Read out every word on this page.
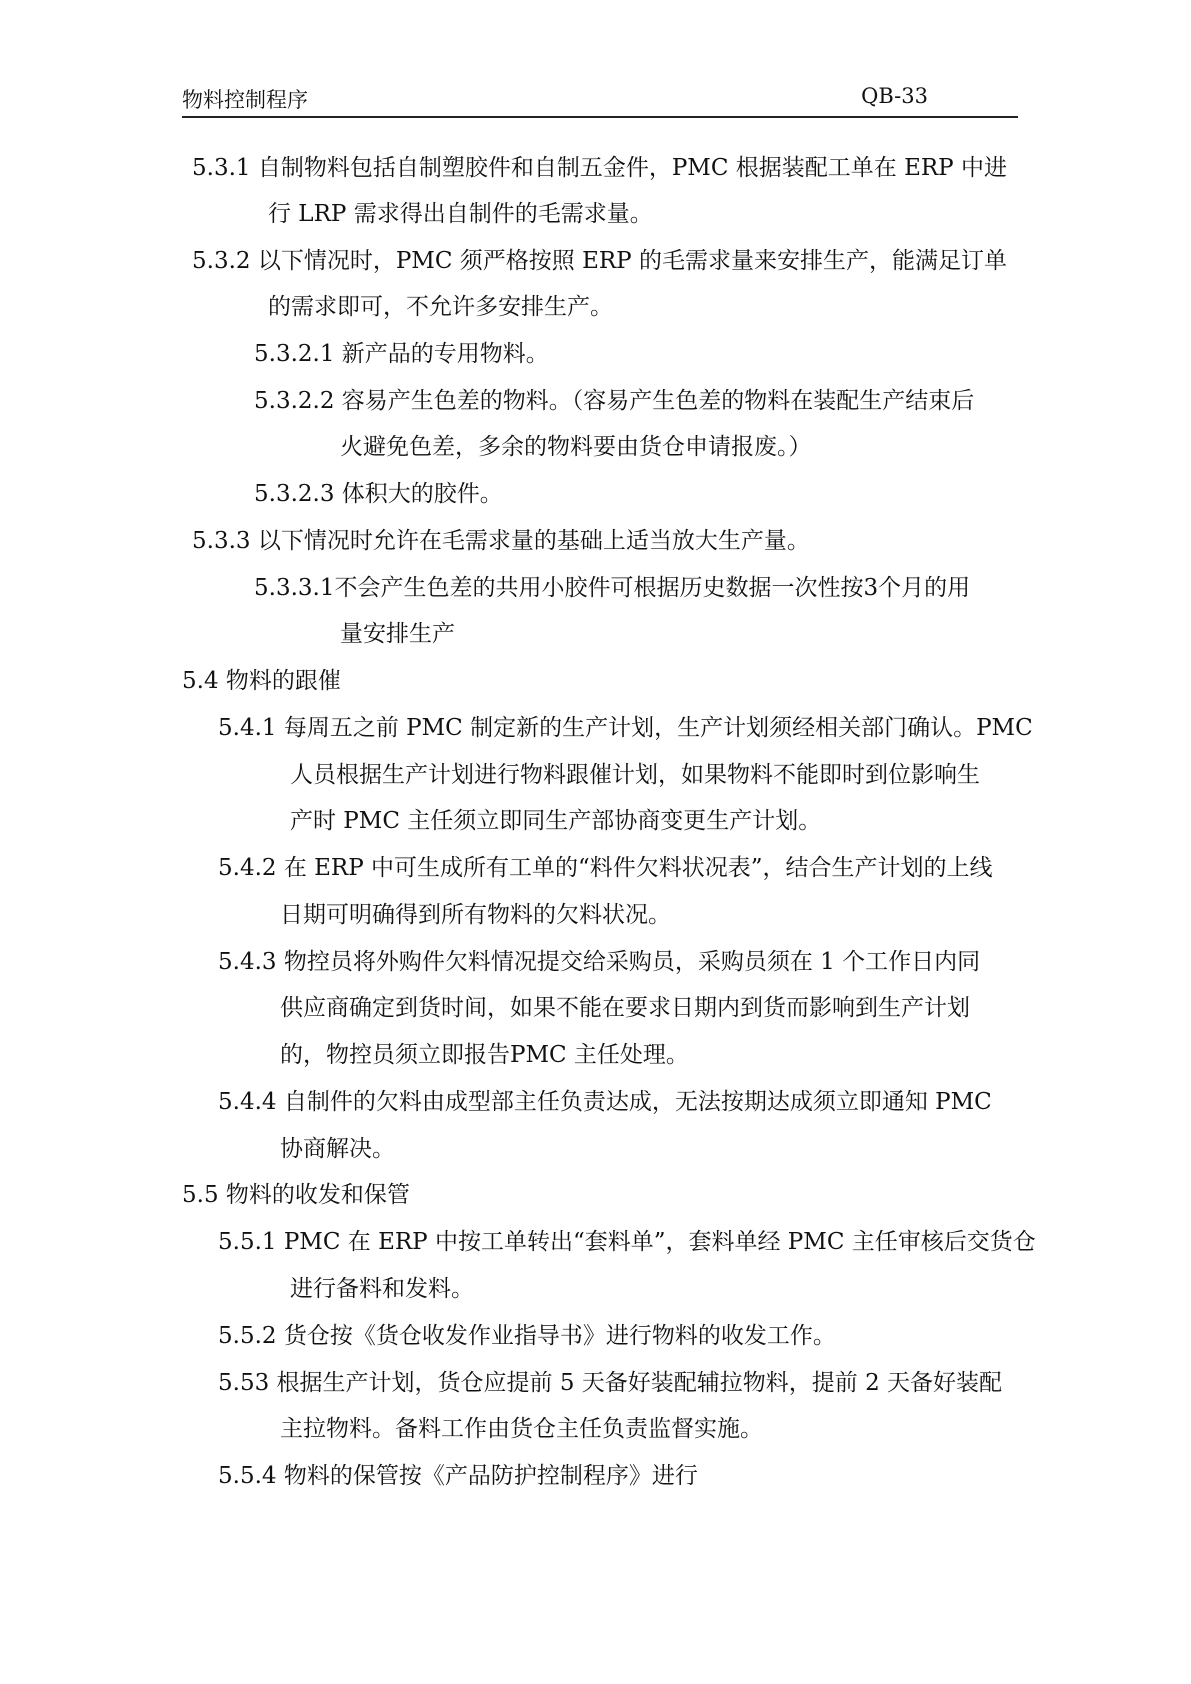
物料控制程序	QB-33
5.3.1 自制物料包括自制塑胶件和自制五金件，PMC 根据装配工单在 ERP 中进
行 LRP 需求得出自制件的毛需求量。
5.3.2 以下情况时，PMC 须严格按照 ERP 的毛需求量来安排生产，能满足订单
的需求即可，不允许多安排生产。
5.3.2.1 新产品的专用物料。
5.3.2.2 容易产生色差的物料。（容易产生色差的物料在装配生产结束后
火避免色差，多余的物料要由货仓申请报废。）
5.3.2.3 体积大的胶件。
5.3.3 以下情况时允许在毛需求量的基础上适当放大生产量。
5.3.3.1不会产生色差的共用小胶件可根据历史数据一次性按3个月的用
量安排生产
5.4 物料的跟催
5.4.1 每周五之前 PMC 制定新的生产计划，生产计划须经相关部门确认。PMC
人员根据生产计划进行物料跟催计划，如果物料不能即时到位影响生
产时 PMC 主任须立即同生产部协商变更生产计划。
5.4.2 在 ERP 中可生成所有工单的“料件欠料状况表”，结合生产计划的上线
日期可明确得到所有物料的欠料状况。
5.4.3 物控员将外购件欠料情况提交给采购员，采购员须在 1 个工作日内同
供应商确定到货时间，如果不能在要求日期内到货而影响到生产计划
的，物控员须立即报告PMC 主任处理。
5.4.4 自制件的欠料由成型部主任负责达成，无法按期达成须立即通知 PMC
协商解决。
5.5 物料的收发和保管
5.5.1 PMC 在 ERP 中按工单转出“套料单”，套料单经 PMC 主任审核后交货仓
进行备料和发料。
5.5.2 货仓按《货仓收发作业指导书》进行物料的收发工作。
5.53 根据生产计划，货仓应提前 5 天备好装配辅拉物料，提前 2 天备好装配
主拉物料。备料工作由货仓主任负责监督实施。
5.5.4 物料的保管按《产品防护控制程序》进行
